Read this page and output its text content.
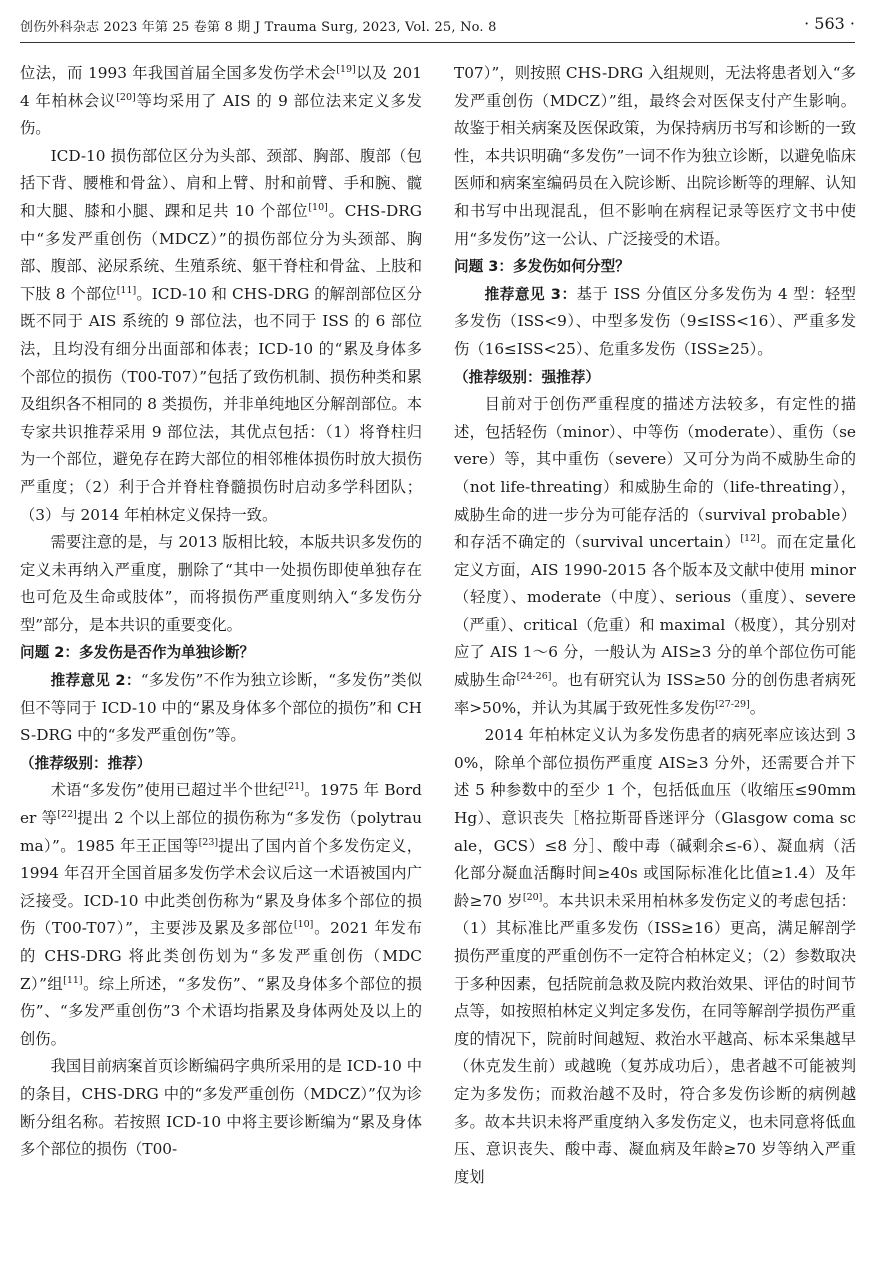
创伤外科杂志 2023 年第 25 卷第 8 期 J Trauma Surg, 2023, Vol. 25, No. 8	· 563 ·

位法，而 1993 年我国首届全国多发伤学术会[19]以及 2014 年柏林会议[20]等均采用了 AIS 的 9 部位法来定义多发伤。

ICD-10 损伤部位区分为头部、颈部、胸部、腹部（包括下背、腰椎和骨盆）、肩和上臂、肘和前臂、手和腕、髋和大腿、膝和小腿、踝和足共 10 个部位[10]。CHS-DRG 中“多发严重创伤（MDCZ）”的损伤部位分为头颈部、胸部、腹部、泌尿系统、生殖系统、躯干脊柱和骨盆、上肢和下肢 8 个部位[11]。ICD-10 和 CHS-DRG 的解剖部位区分既不同于 AIS 系统的 9 部位法，也不同于 ISS 的 6 部位法，且均没有细分出面部和体表；ICD-10 的“累及身体多个部位的损伤（T00-T07）”包括了致伤机制、损伤种类和累及组织各不相同的 8 类损伤，并非单纯地区分解剖部位。本专家共识推荐采用 9 部位法，其优点包括：（1）将脊柱归为一个部位，避免存在跨大部位的相邻椎体损伤时放大损伤严重度；（2）利于合并脊柱脊髓损伤时启动多学科团队；（3）与 2014 年柏林定义保持一致。

需要注意的是，与 2013 版相比较，本版共识多发伤的定义未再纳入严重度，删除了“其中一处损伤即使单独存在也可危及生命或肢体”，而将损伤严重度则纳入“多发伤分型”部分，是本共识的重要变化。

问题 2：多发伤是否作为单独诊断？

推荐意见 2：“多发伤”不作为独立诊断，“多发伤”类似但不等同于 ICD-10 中的“累及身体多个部位的损伤”和 CHS-DRG 中的“多发严重创伤”等。

（推荐级别：推荐）

术语“多发伤”使用已超过半个世纪[21]。1975 年 Border 等[22]提出 2 个以上部位的损伤称为“多发伤（polytrauma）”。1985 年王正国等[23]提出了国内首个多发伤定义，1994 年召开全国首届多发伤学术会议后这一术语被国内广泛接受。ICD-10 中此类创伤称为“累及身体多个部位的损伤（T00-T07）”，主要涉及累及多部位[10]。2021 年发布的 CHS-DRG 将此类创伤划为“多发严重创伤（MDCZ）”组[11]。综上所述，“多发伤”、“累及身体多个部位的损伤”、“多发严重创伤”3 个术语均指累及身体两处及以上的创伤。

我国目前病案首页诊断编码字典所采用的是 ICD-10 中的条目，CHS-DRG 中的“多发严重创伤（MDCZ）”仅为诊断分组名称。若按照 ICD-10 中将主要诊断编为“累及身体多个部位的损伤（T00-

T07）”，则按照 CHS-DRG 入组规则，无法将患者划入“多发严重创伤（MDCZ）”组，最终会对医保支付产生影响。故鉴于相关病案及医保政策，为保持病历书写和诊断的一致性，本共识明确“多发伤”一词不作为独立诊断，以避免临床医师和病案室编码员在入院诊断、出院诊断等的理解、认知和书写中出现混乱，但不影响在病程记录等医疗文书中使用“多发伤”这一公认、广泛接受的术语。

问题 3：多发伤如何分型？

推荐意见 3：基于 ISS 分值区分多发伤为 4 型：轻型多发伤（ISS<9）、中型多发伤（9≤ISS<16）、严重多发伤（16≤ISS<25）、危重多发伤（ISS≥25）。

（推荐级别：强推荐）

目前对于创伤严重程度的描述方法较多，有定性的描述，包括轻伤（minor）、中等伤（moderate）、重伤（severe）等，其中重伤（severe）又可分为尚不威胁生命的（not life-threating）和威胁生命的（life-threating），威胁生命的进一步分为可能存活的（survival probable）和存活不确定的（survival uncertain）[12]。而在定量化定义方面，AIS 1990-2015 各个版本及文献中使用 minor（轻度）、moderate（中度）、serious（重度）、severe（严重）、critical（危重）和 maximal（极度），其分别对应了 AIS 1～6 分，一般认为 AIS≥3 分的单个部位伤可能威胁生命[24-26]。也有研究认为 ISS≥50 分的创伤患者病死率>50%，并认为其属于致死性多发伤[27-29]。

2014 年柏林定义认为多发伤患者的病死率应该达到 30%，除单个部位损伤严重度 AIS≥3 分外，还需要合并下述 5 种参数中的至少 1 个，包括低血压（收缩压≤90mmHg）、意识丧失［格拉斯哥昏迷评分（Glasgow coma scale，GCS）≤8 分］、酸中毒（碱剩余≤-6）、凝血病（活化部分凝血活酶时间≥40s 或国际标准化比值≥1.4）及年龄≥70 岁[20]。本共识未采用柏林多发伤定义的考虑包括：（1）其标准比严重多发伤（ISS≥16）更高，满足解剖学损伤严重度的严重创伤不一定符合柏林定义；（2）参数取决于多种因素，包括院前急救及院内救治效果、评估的时间节点等，如按照柏林定义判定多发伤，在同等解剖学损伤严重度的情况下，院前时间越短、救治水平越高、标本采集越早（休克发生前）或越晚（复苏成功后），患者越不可能被判定为多发伤；而救治越不及时，符合多发伤诊断的病例越多。故本共识未将严重度纳入多发伤定义，也未同意将低血压、意识丧失、酸中毒、凝血病及年龄≥70 岁等纳入严重度划
